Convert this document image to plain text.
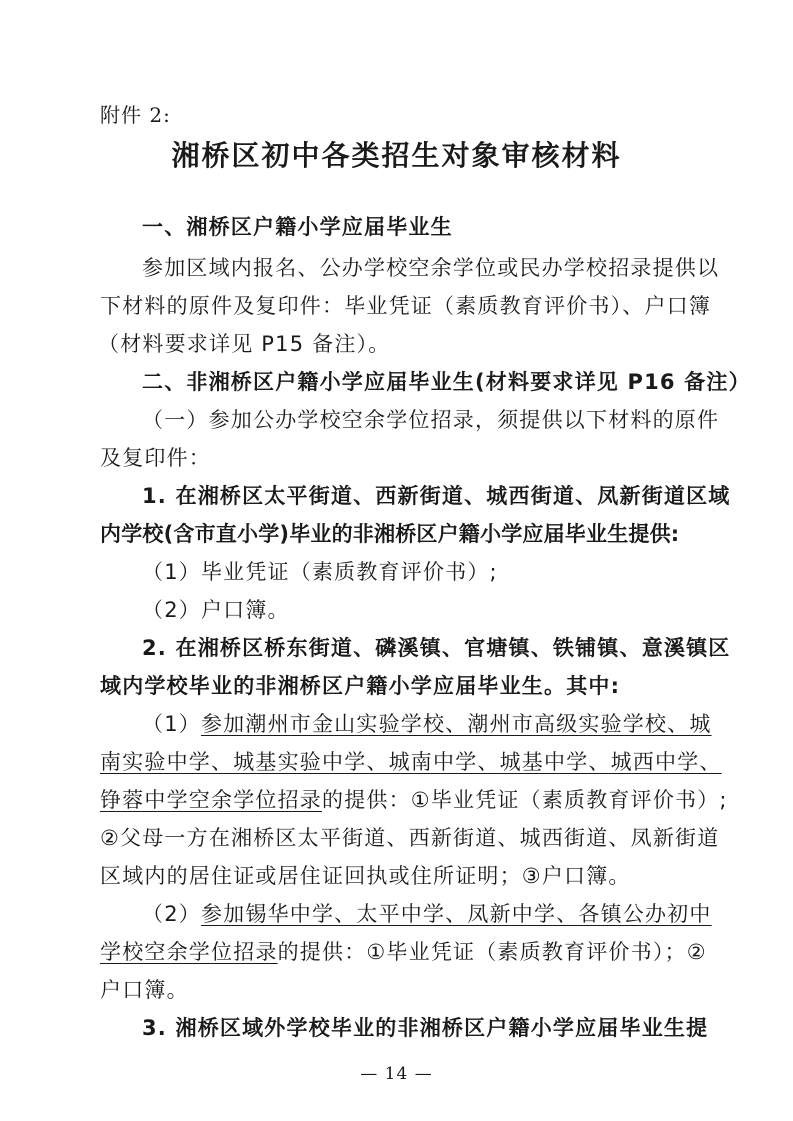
附件 2:
湘桥区初中各类招生对象审核材料
一、湘桥区户籍小学应届毕业生
参加区域内报名、公办学校空余学位或民办学校招录提供以
下材料的原件及复印件：毕业凭证（素质教育评价书）、户口簿
（材料要求详见 P15 备注）。
二、非湘桥区户籍小学应届毕业生(材料要求详见 P16 备注）
（一）参加公办学校空余学位招录，须提供以下材料的原件
及复印件：
1. 在湘桥区太平街道、西新街道、城西街道、凤新街道区域
内学校(含市直小学)毕业的非湘桥区户籍小学应届毕业生提供:
（1）毕业凭证（素质教育评价书）;
（2）户口簿。
2. 在湘桥区桥东街道、磷溪镇、官塘镇、铁铺镇、意溪镇区
域内学校毕业的非湘桥区户籍小学应届毕业生。其中:
（1）参加潮州市金山实验学校、潮州市高级实验学校、城
南实验中学、城基实验中学、城南中学、城基中学、城西中学、
铮蓉中学空余学位招录的提供：①毕业凭证（素质教育评价书）;
②父母一方在湘桥区太平街道、西新街道、城西街道、凤新街道
区域内的居住证或居住证回执或住所证明；③户口簿。
（2）参加锡华中学、太平中学、凤新中学、各镇公办初中
学校空余学位招录的提供：①毕业凭证（素质教育评价书）；②
户口簿。
3. 湘桥区域外学校毕业的非湘桥区户籍小学应届毕业生提
— 14 —
